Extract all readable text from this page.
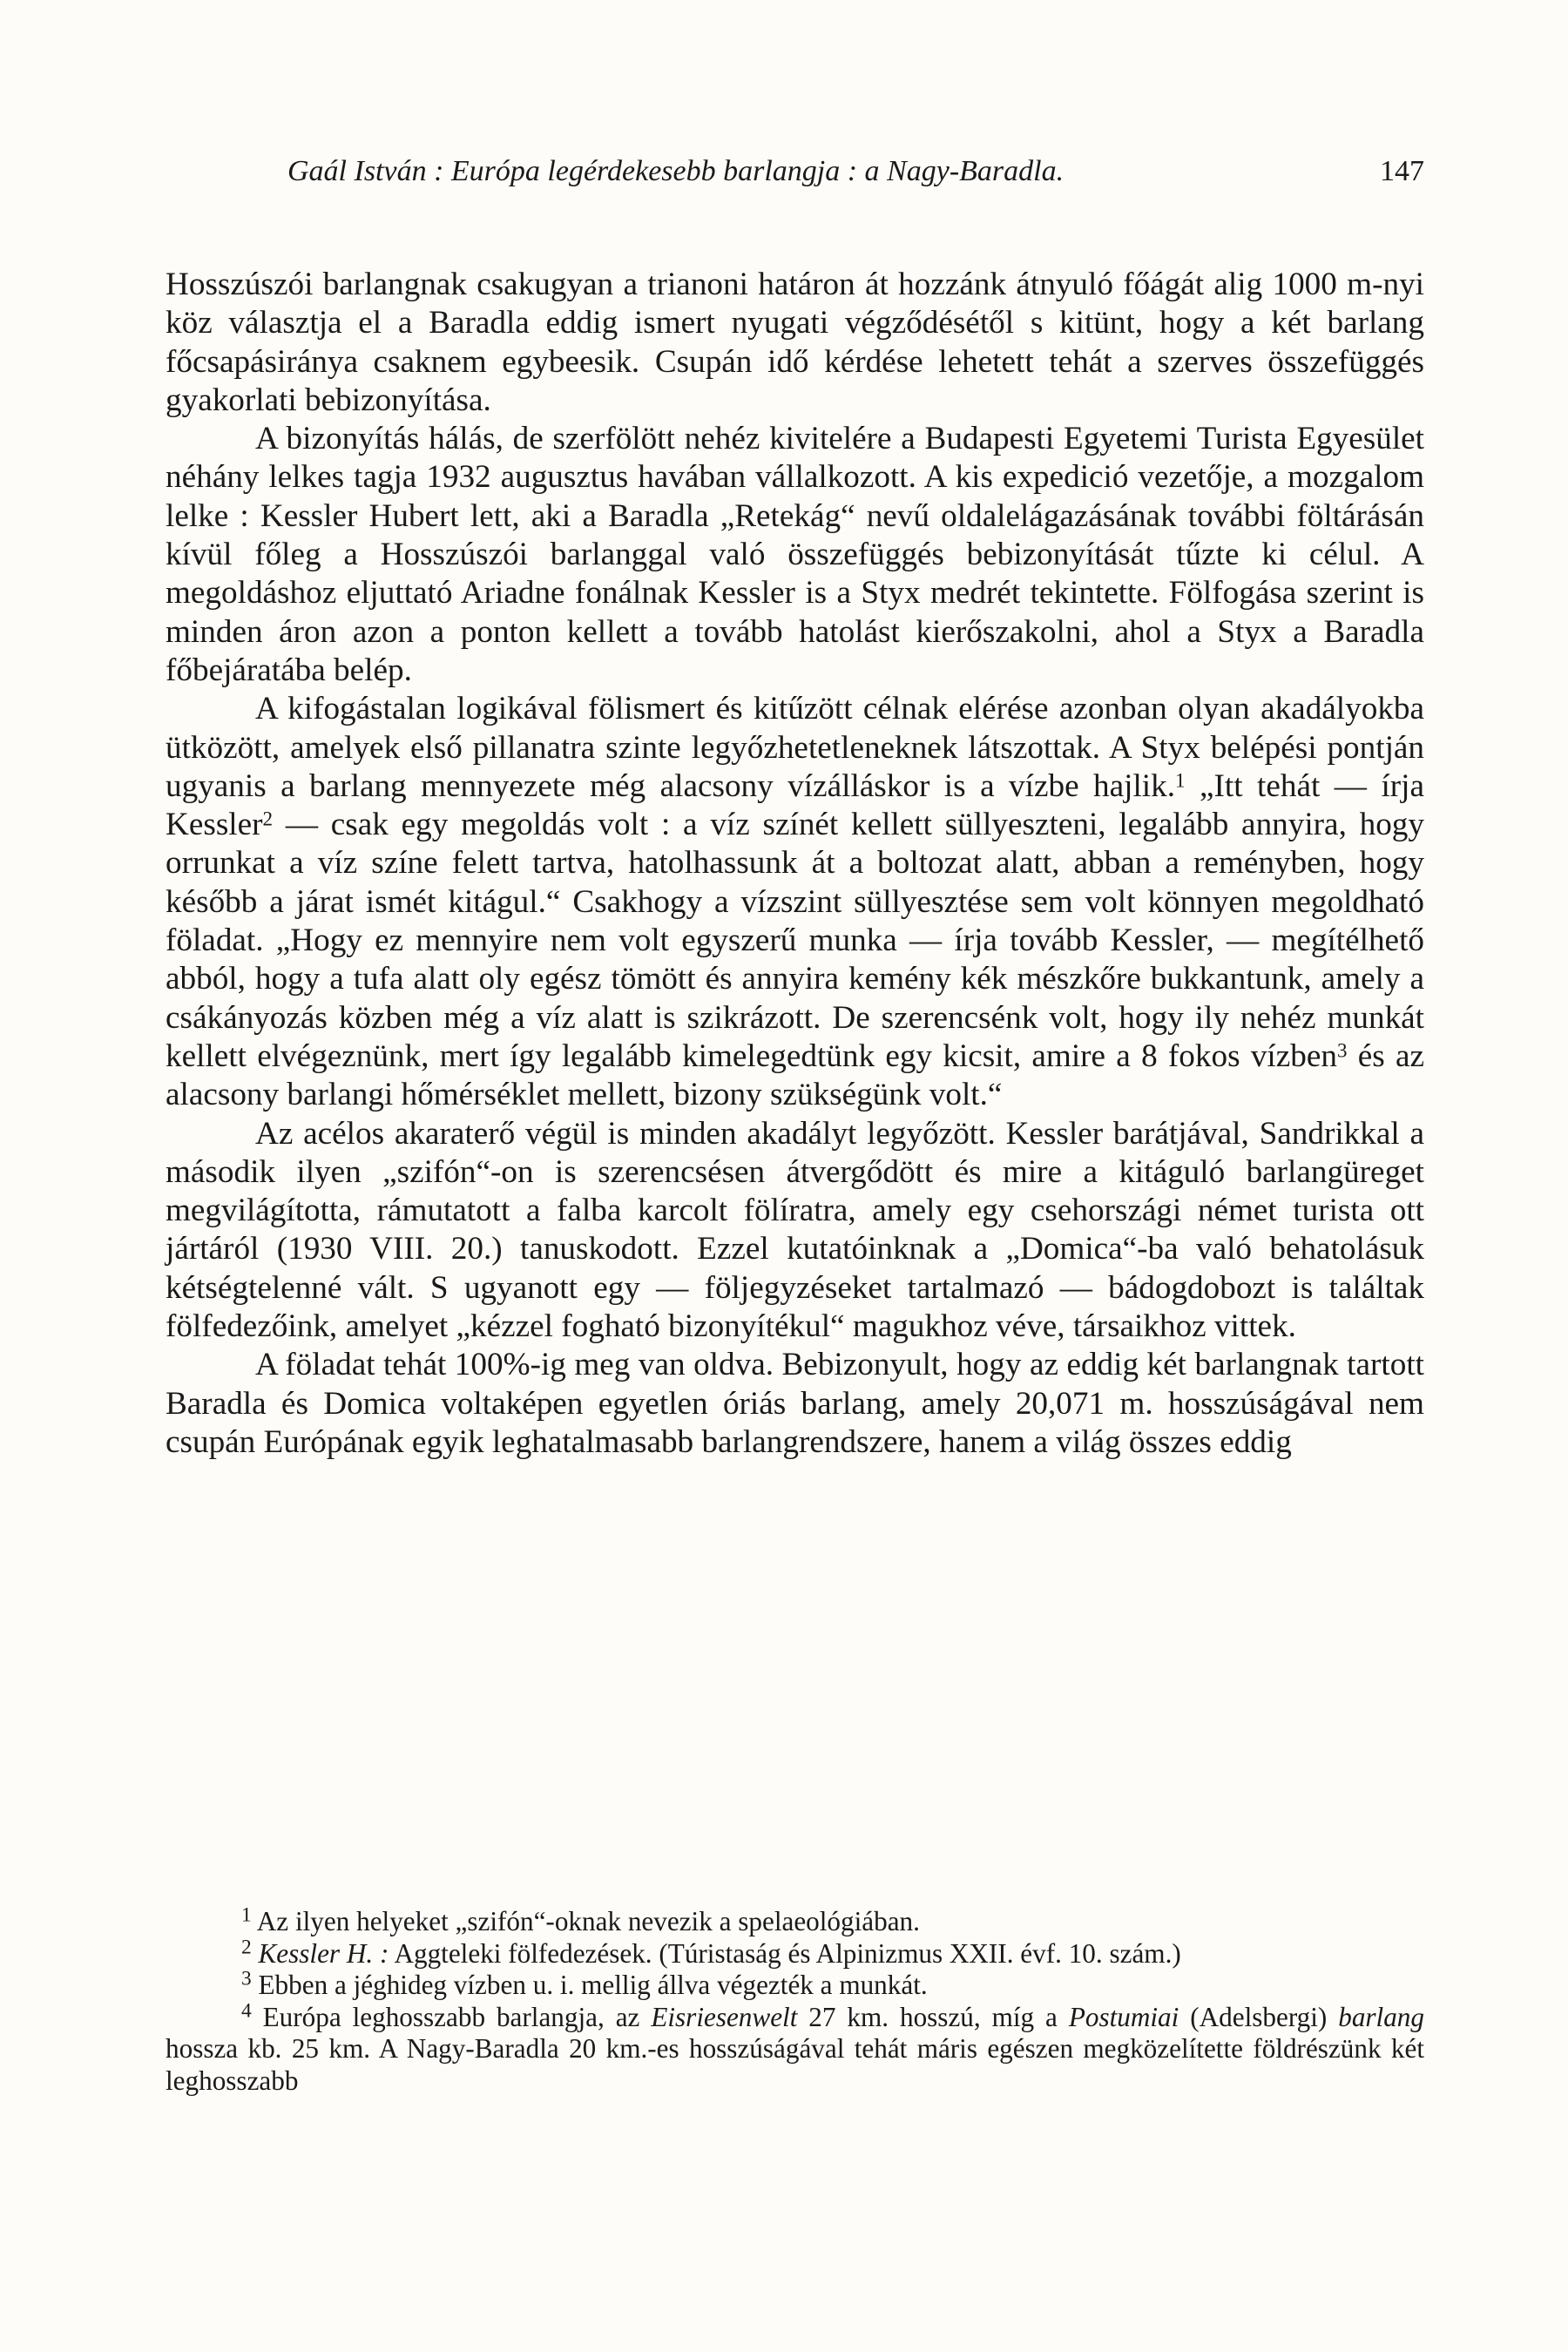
Gaál István : Európa legérdekesebb barlangja : a Nagy-Baradla.	147

Hosszúszói barlangnak csakugyan a trianoni határon át hozzánk átnyuló főágát alig 1000 m-nyi köz választja el a Baradla eddig ismert nyugati végződésétől s kitünt, hogy a két barlang főcsapásiránya csaknem egybeesik. Csupán idő kérdése lehetett tehát a szerves összefüggés gyakorlati bebizonyítása.

A bizonyítás hálás, de szerfölött nehéz kivitelére a Budapesti Egyetemi Turista Egyesület néhány lelkes tagja 1932 augusztus havában vállalkozott. A kis expedició vezetője, a mozgalom lelke : Kessler Hubert lett, aki a Baradla „Retekág“ nevű oldalelágazásának további föltárásán kívül főleg a Hosszúszói barlanggal való összefüggés bebizonyítását tűzte ki célul. A megoldáshoz eljuttató Ariadne fonálnak Kessler is a Styx medrét tekintette. Fölfogása szerint is minden áron azon a ponton kellett a tovább hatolást kierőszakolni, ahol a Styx a Baradla főbejáratába belép.

A kifogástalan logikával fölismert és kitűzött célnak elérése azonban olyan akadályokba ütközött, amelyek első pillanatra szinte legyőzhetetleneknek látszottak. A Styx belépési pontján ugyanis a barlang mennyezete még alacsony vízálláskor is a vízbe hajlik.$^1$ „Itt tehát — írja Kessler$^2$ — csak egy megoldás volt : a víz színét kellett süllyeszteni, legalább annyira, hogy orrunkat a víz színe felett tartva, hatolhassunk át a boltozat alatt, abban a reményben, hogy később a járat ismét kitágul.“ Csakhogy a vízszint süllyesztése sem volt könnyen megoldható föladat. „Hogy ez mennyire nem volt egyszerű munka — írja tovább Kessler, — megítélhető abból, hogy a tufa alatt oly egész tömött és annyira kemény kék mészkőre bukkantunk, amely a csákányozás közben még a víz alatt is szikrázott. De szerencsénk volt, hogy ily nehéz munkát kellett elvégeznünk, mert így legalább kimelegedtünk egy kicsit, amire a 8 fokos vízben$^3$ és az alacsony barlangi hőmérséklet mellett, bizony szükségünk volt.“

Az acélos akaraterő végül is minden akadályt legyőzött. Kessler barátjával, Sandrikkal a második ilyen „szifón“-on is szerencsésen átvergődött és mire a kitáguló barlangüreget megvilágította, rámutatott a falba karcolt fölíratra, amely egy csehországi német turista ott jártáról (1930 VIII. 20.) tanuskodott. Ezzel kutatóinknak a „Domica“-ba való behatolásuk kétségtelenné vált. S ugyanott egy — följegyzéseket tartalmazó — bádogdobozt is találtak fölfedezőink, amelyet „kézzel fogható bizonyítékul“ magukhoz véve, társaikhoz vittek.

A föladat tehát 100%-ig meg van oldva. Bebizonyult, hogy az eddig két barlangnak tartott Baradla és Domica voltaképen egyetlen óriás barlang, amely 20,071 m. hosszúságával nem csupán Európának egyik leghatalmasabb barlangrendszere, hanem a világ összes eddig

$^1$ Az ilyen helyeket „szifón“-oknak nevezik a spelaeológiában.

$^2$ Kessler H. : Aggteleki fölfedezések. (Túristaság és Alpinizmus XXII. évf. 10. szám.)

$^3$ Ebben a jéghideg vízben u. i. mellig állva végezték a munkát.

$^4$ Európa leghosszabb barlangja, az Eisriesenwelt 27 km. hosszú, míg a Postumiai (Adelsbergi) barlang hossza kb. 25 km. A Nagy-Baradla 20 km.-es hosszúságával tehát máris egészen megközelítette földrészünk két leghosszabb
